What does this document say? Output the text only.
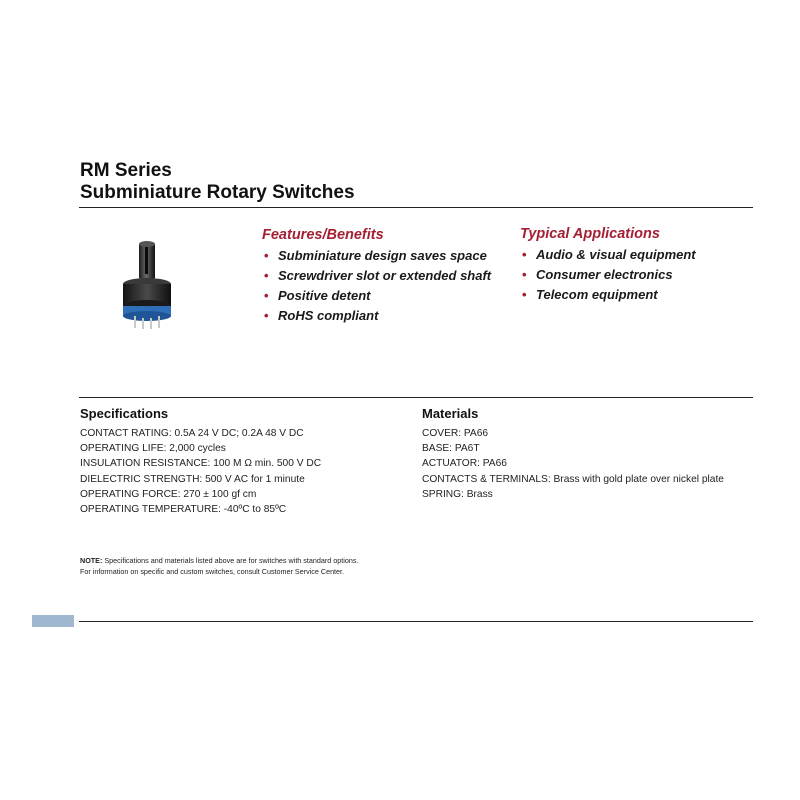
RM Series
Subminiature Rotary Switches
Features/Benefits
• Subminiature design saves space
• Screwdriver slot or extended shaft
• Positive detent
• RoHS compliant
Typical Applications
• Audio & visual equipment
• Consumer electronics
• Telecom equipment
Specifications
CONTACT RATING: 0.5A 24 V DC; 0.2A 48 V DC
OPERATING LIFE: 2,000 cycles
INSULATION RESISTANCE: 100 M Ω min. 500 V DC
DIELECTRIC STRENGTH: 500 V AC for 1 minute
OPERATING FORCE: 270 ± 100 gf cm
OPERATING TEMPERATURE: -40ºC to 85ºC
Materials
COVER: PA66
BASE: PA6T
ACTUATOR: PA66
CONTACTS & TERMINALS: Brass with gold plate over nickel plate
SPRING: Brass
NOTE: Specifications and materials listed above are for switches with standard options.
For information on specific and custom switches, consult Customer Service Center.
